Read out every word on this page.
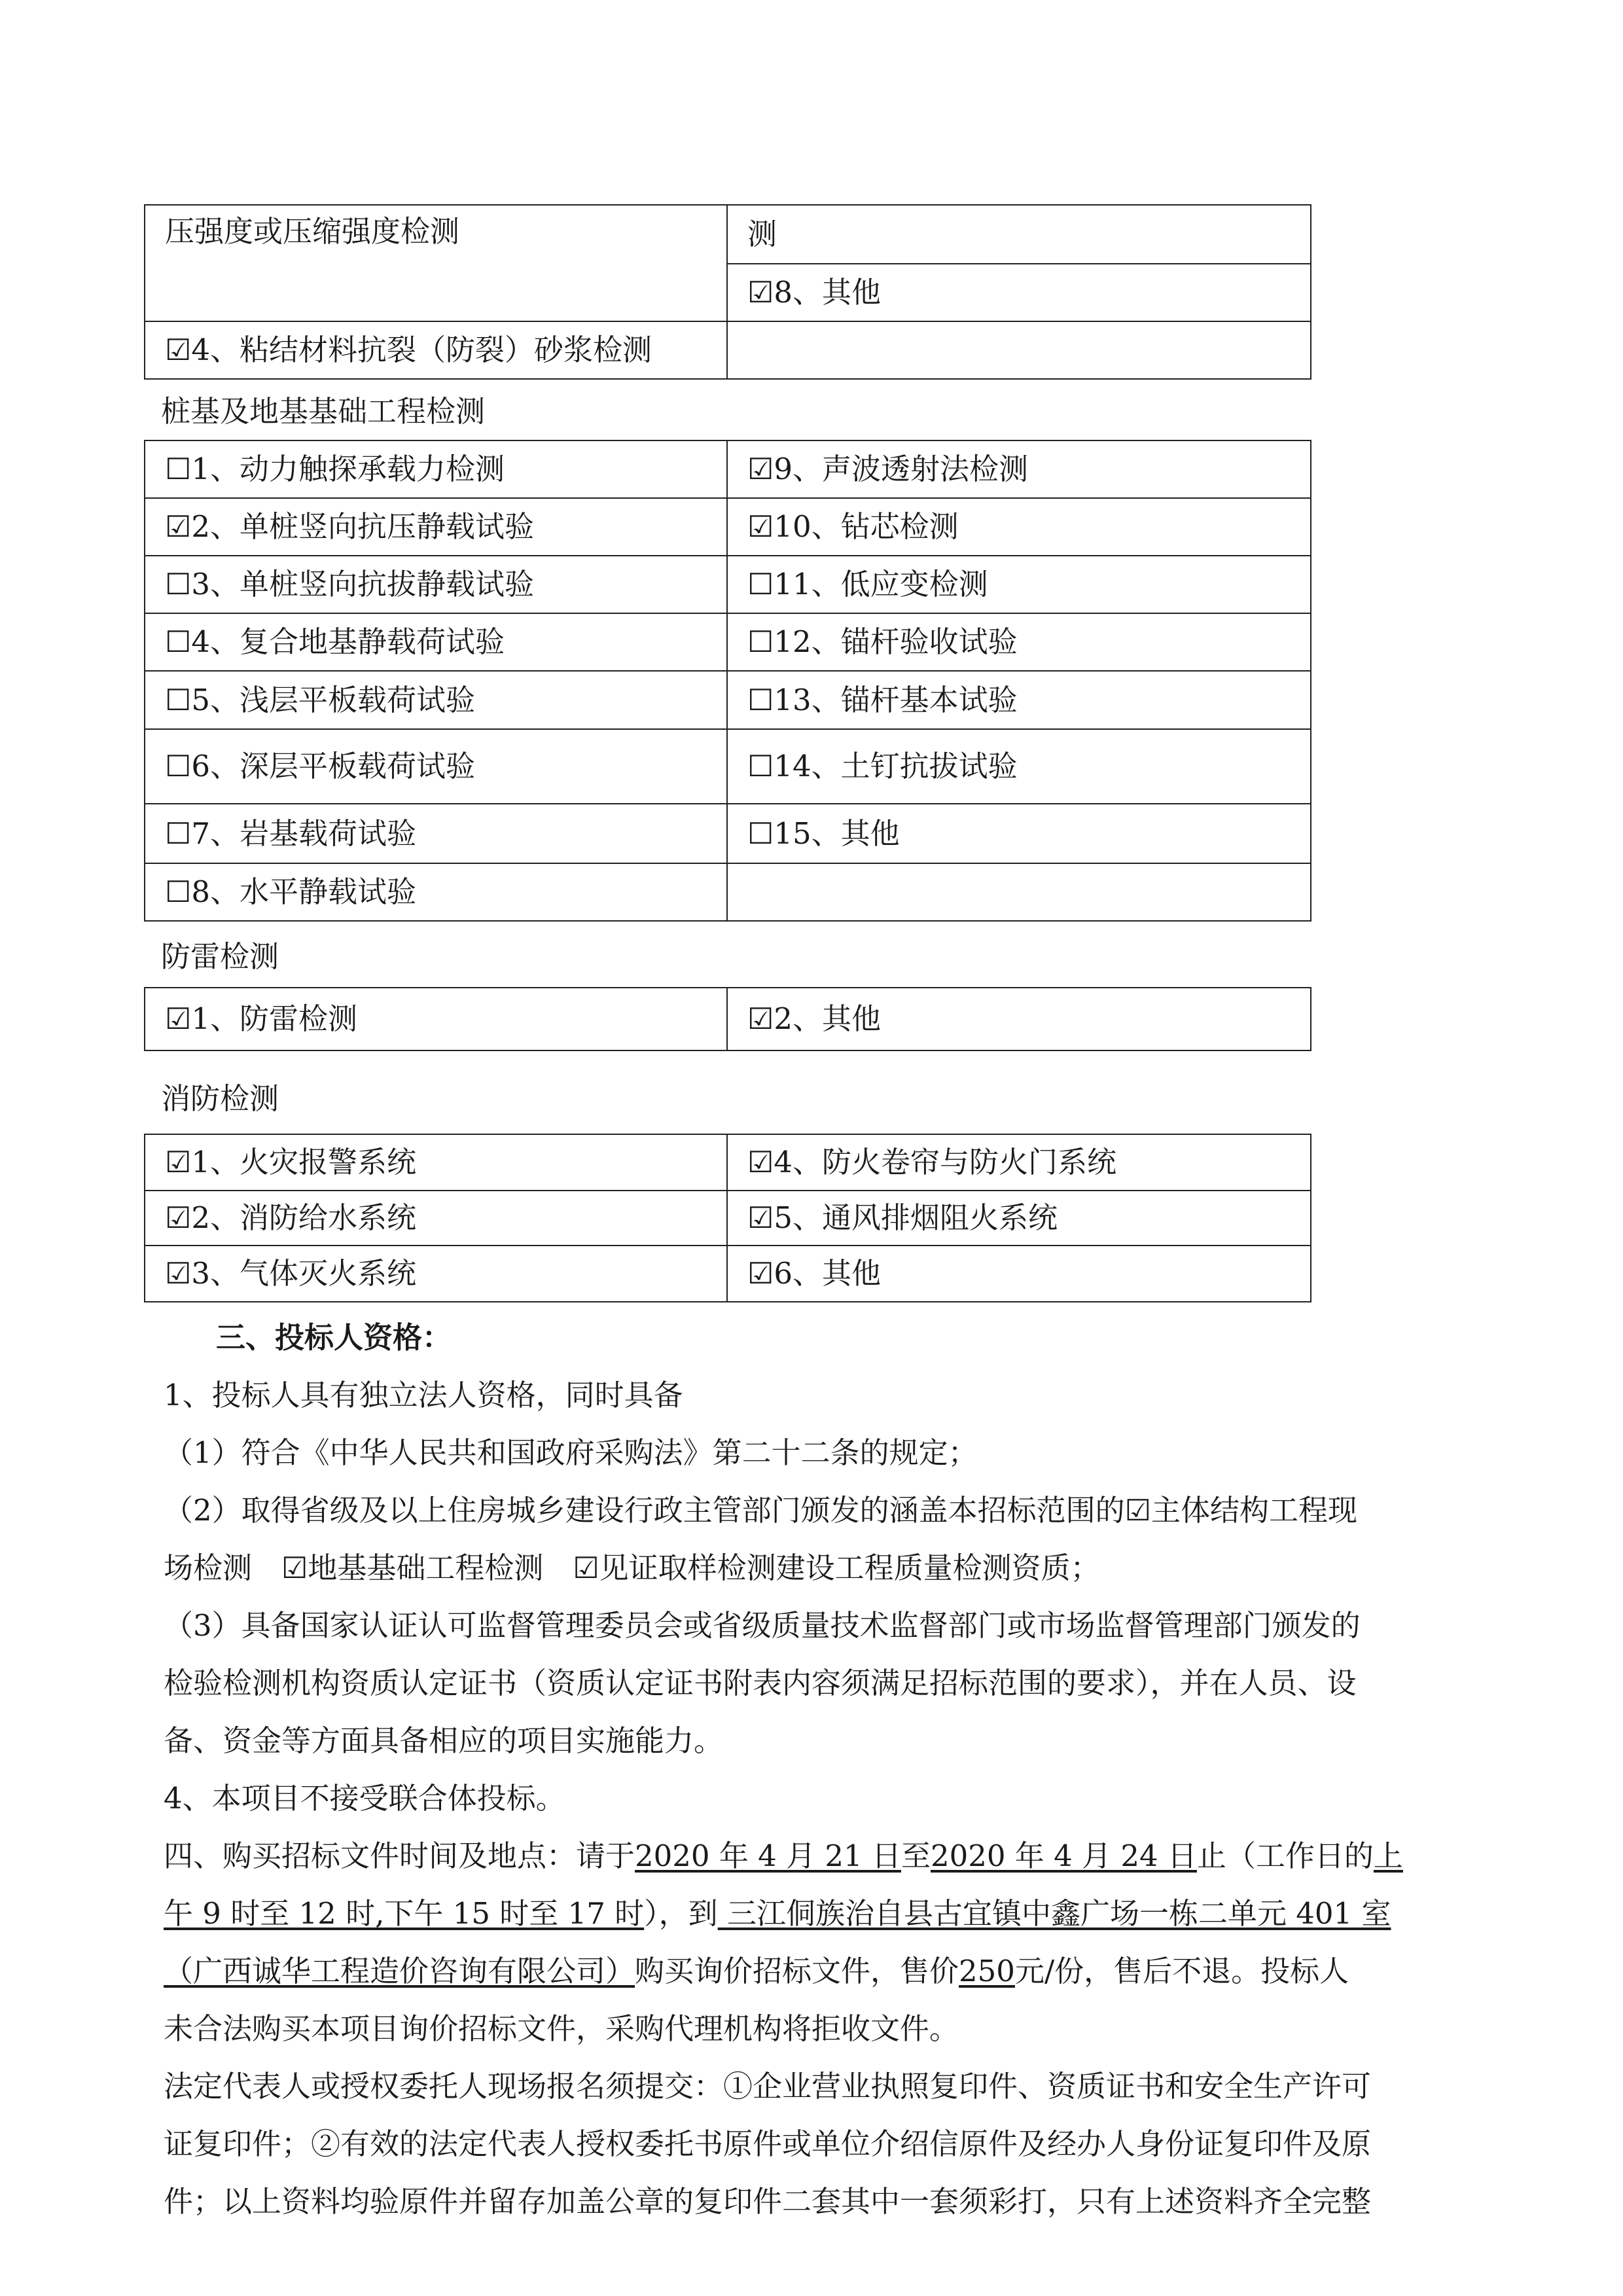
压强度或压缩强度检测	测
	☑8、其他
☑4、粘结材料抗裂（防裂）砂浆检测	
桩基及地基基础工程检测
☐1、动力触探承载力检测	☑9、声波透射法检测
☑2、单桩竖向抗压静载试验	☑10、钻芯检测
☐3、单桩竖向抗拔静载试验	☐11、低应变检测
☐4、复合地基静载荷试验	☐12、锚杆验收试验
☐5、浅层平板载荷试验	☐13、锚杆基本试验
☐6、深层平板载荷试验	☐14、土钉抗拔试验
☐7、岩基载荷试验	☐15、其他
☐8、水平静载试验	
防雷检测
☑1、防雷检测	☑2、其他
消防检测
☑1、火灾报警系统	☑4、防火卷帘与防火门系统
☑2、消防给水系统	☑5、通风排烟阻火系统
☑3、气体灭火系统	☑6、其他

三、投标人资格：

1、投标人具有独立法人资格，同时具备

（1）符合《中华人民共和国政府采购法》第二十二条的规定；

（2）取得省级及以上住房城乡建设行政主管部门颁发的涵盖本招标范围的☑主体结构工程现

场检测　☑地基基础工程检测　☑见证取样检测建设工程质量检测资质；

（3）具备国家认证认可监督管理委员会或省级质量技术监督部门或市场监督管理部门颁发的

检验检测机构资质认定证书（资质认定证书附表内容须满足招标范围的要求），并在人员、设

备、资金等方面具备相应的项目实施能力。

4、本项目不接受联合体投标。

四、购买招标文件时间及地点：请于2020 年 4 月 21 日至2020 年 4 月 24 日止（工作日的上

午 9 时至 12 时,下午 15 时至 17 时），到 三江侗族治自县古宜镇中鑫广场一栋二单元 401 室

（广西诚华工程造价咨询有限公司）购买询价招标文件，售价250元/份，售后不退。投标人

未合法购买本项目询价招标文件，采购代理机构将拒收文件。

法定代表人或授权委托人现场报名须提交：①企业营业执照复印件、资质证书和安全生产许可

证复印件；②有效的法定代表人授权委托书原件或单位介绍信原件及经办人身份证复印件及原

件；以上资料均验原件并留存加盖公章的复印件二套其中一套须彩打，只有上述资料齐全完整
